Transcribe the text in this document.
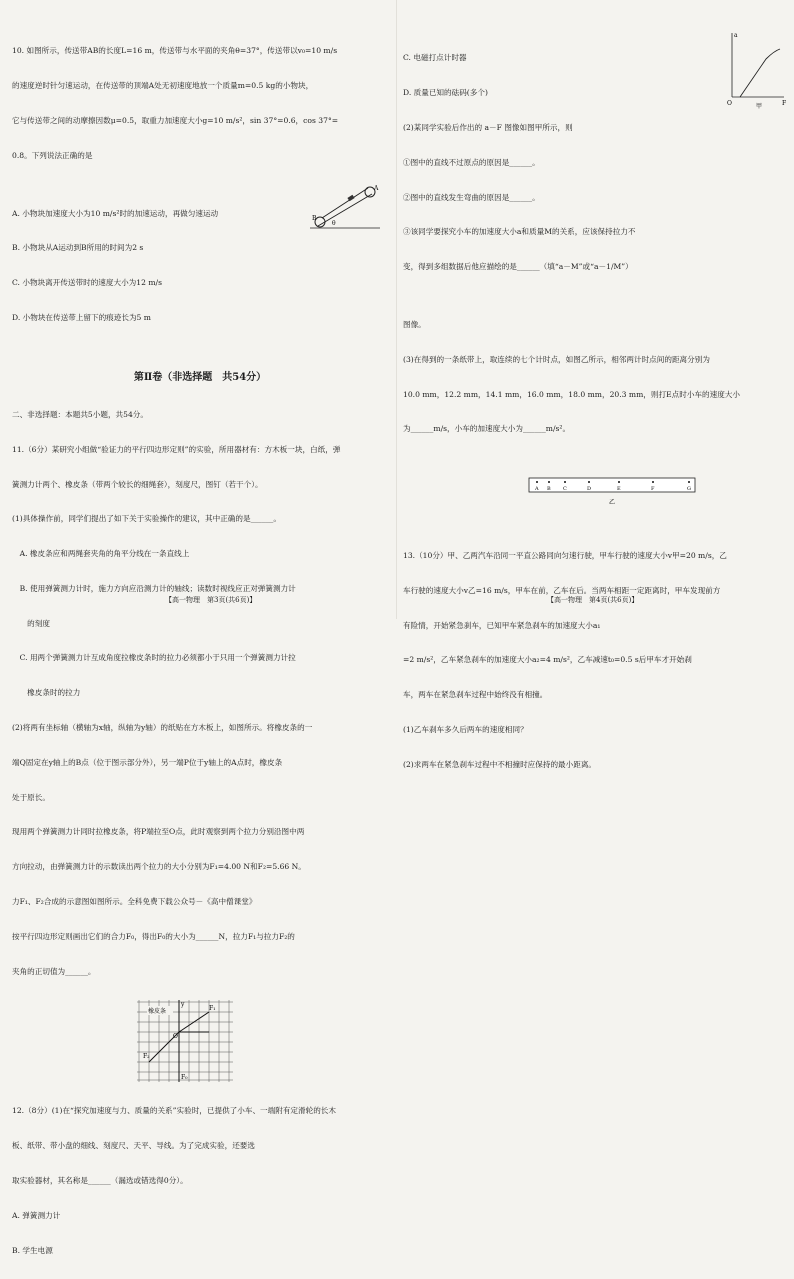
10. 如图所示，传送带AB的长度L=16 m，传送带与水平面的夹角θ=37°，传送带以v₀=10 m/s

的速度逆时针匀速运动，在传送带的顶端A处无初速度地放一个质量m=0.5 kg的小物块，

它与传送带之间的动摩擦因数μ=0.5，取重力加速度大小g=10 m/s²，sin 37°=0.6，cos 37°=

0.8。下列说法正确的是

A. 小物块加速度大小为10 m/s²时的加速运动，再做匀速运动

B. 小物块从A运动到B所用的时间为2 s

C. 小物块离开传送带时的速度大小为12 m/s

D. 小物块在传送带上留下的痕迹长为5 m

B
A
θ

第Ⅱ卷（非选择题　共54分）

二、非选择题：本题共5小题，共54分。

11.（6分）某研究小组做“验证力的平行四边形定则”的实验，所用器材有：方木板一块，白纸，弹

簧测力计两个、橡皮条（带两个较长的细绳套），刻度尺，图钉（若干个）。

(1)具体操作前，同学们提出了如下关于实验操作的建议，其中正确的是______。

　A. 橡皮条应和两绳套夹角的角平分线在一条直线上

　B. 使用弹簧测力计时，施力方向应沿测力计的轴线；读数时视线应正对弹簧测力计

　　的刻度

　C. 用两个弹簧测力计互成角度拉橡皮条时的拉力必须都小于只用一个弹簧测力计拉

　　橡皮条时的拉力

(2)将两有坐标轴（横轴为x轴，纵轴为y轴）的纸贴在方木板上，如图所示。将橡皮条的一

端Q固定在y轴上的B点（位于图示部分外），另一端P位于y轴上的A点时，橡皮条

处于原长。

现用两个弹簧测力计同时拉橡皮条，将P端拉至O点，此时观察到两个拉力分别沿图中两

方向拉动，由弹簧测力计的示数读出两个拉力的大小分别为F₁=4.00 N和F₂=5.66 N。

力F₁、F₂合成的示意图如图所示。全科免费下载公众号－《高中僧课堂》

按平行四边形定则画出它们的合力F₀，得出F₀的大小为______N，拉力F₁与拉力F₂的

夹角的正切值为______。

橡皮条
y
O
F₁
F₂
F₀

12.（8分）(1)在“探究加速度与力、质量的关系”实验时，已提供了小车、一端附有定滑轮的长木

板、纸带、带小盘的细线、刻度尺、天平、导线。为了完成实验，还要选

取实验器材，其名称是______（漏选或错选得0分）。

A. 弹簧测力计

B. 学生电源

【高一物理　第3页(共6页)】

C. 电磁打点计时器

D. 质量已知的砝码(多个)

(2)某同学实验后作出的 a－F 图像如图甲所示，则

①图中的直线不过原点的原因是______。

②图中的直线发生弯曲的原因是______。

③该同学要探究小车的加速度大小a和质量M的关系，应该保持拉力不

变，得到多组数据后他应描绘的是______（填“a－M”或“a－1/M”）

a
F
O	甲

图像。

(3)在得到的一条纸带上，取连续的七个计时点，如图乙所示，相邻两计时点间的距离分别为

10.0 mm，12.2 mm，14.1 mm，16.0 mm，18.0 mm，20.3 mm，则打E点时小车的速度大小

为______m/s，小车的加速度大小为______m/s²。

A B C	D	E	F	G
乙

13.（10分）甲、乙两汽车沿同一平直公路同向匀速行驶，甲车行驶的速度大小v甲=20 m/s，乙

车行驶的速度大小v乙=16 m/s，甲车在前，乙车在后。当两车相距一定距离时，甲车发现前方

有险情，开始紧急刹车，已知甲车紧急刹车的加速度大小a₁

=2 m/s²，乙车紧急刹车的加速度大小a₂=4 m/s²，乙车减速t₀=0.5 s后甲车才开始刹

车，两车在紧急刹车过程中始终没有相撞。

(1)乙车刹车多久后两车的速度相同？

(2)求两车在紧急刹车过程中不相撞时应保持的最小距离。

【高一物理　第4页(共6页)】
